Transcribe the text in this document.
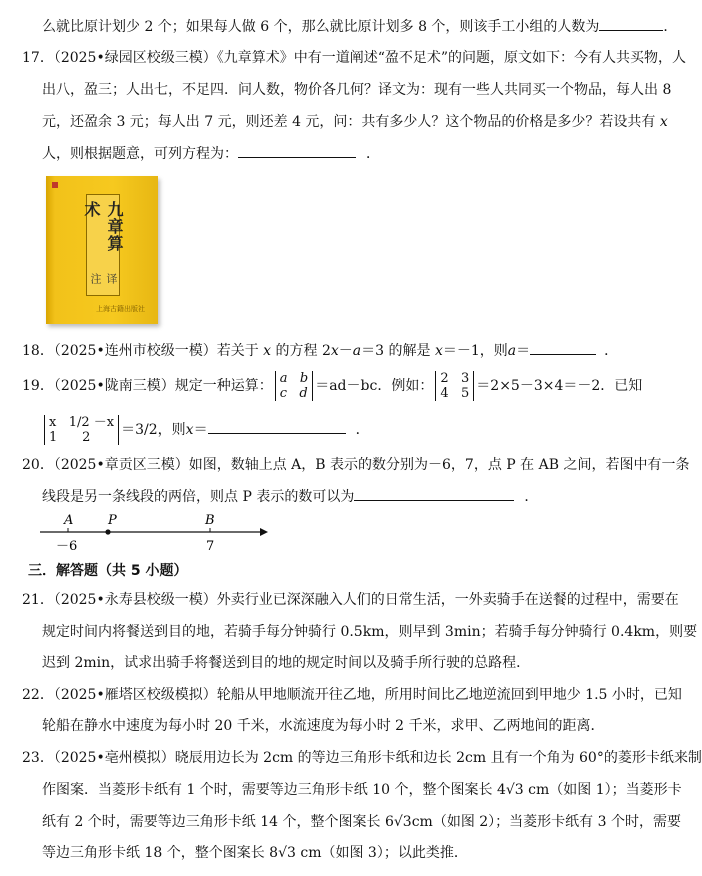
么就比原计划少 2 个；如果每人做 6 个，那么就比原计划多 8 个，则该手工小组的人数为	．
17．（2025•绿园区校级三模）《九章算术》中有一道阐述“盈不足术”的问题，原文如下：今有人共买物，人
出八，盈三；人出七，不足四．问人数，物价各几何？译文为：现有一些人共同买一个物品，每人出 8
元，还盈余 3 元；每人出 7 元，则还差 4 元，问：共有多少人？这个物品的价格是多少？若设共有 x
人，则根据题意，可列方程为：	．
九章算术
译注
上海古籍出版社
18．（2025•连州市校级一模）若关于 x 的方程 2x－a＝3 的解是 x＝－1，则a＝	．
19．（2025•陇南三模）规定一种运算： a   b
c   d ＝ad－bc．例如： 2   3
4   5 ＝2×5－3×4＝－2．已知
x   1/2 －x
1      2	＝3/2，则x＝	．
20．（2025•章贡区三模）如图，数轴上点 A，B 表示的数分别为－6，7，点 P 在 AB 之间，若图中有一条
线段是另一条线段的两倍，则点 P 表示的数可以为	．
A	P	B
－6	7
三．解答题（共 5 小题）
21．（2025•永寿县校级一模）外卖行业已深深融入人们的日常生活，一外卖骑手在送餐的过程中，需要在
规定时间内将餐送到目的地，若骑手每分钟骑行 0.5km，则早到 3min；若骑手每分钟骑行 0.4km，则要
迟到 2min，试求出骑手将餐送到目的地的规定时间以及骑手所行驶的总路程．
22．（2025•雁塔区校级模拟）轮船从甲地顺流开往乙地，所用时间比乙地逆流回到甲地少 1.5 小时，已知
轮船在静水中速度为每小时 20 千米，水流速度为每小时 2 千米，求甲、乙两地间的距离．
23．（2025•亳州模拟）晓辰用边长为 2cm 的等边三角形卡纸和边长 2cm 且有一个角为 60°的菱形卡纸来制
作图案．当菱形卡纸有 1 个时，需要等边三角形卡纸 10 个，整个图案长 4√3 cm（如图 1）；当菱形卡
纸有 2 个时，需要等边三角形卡纸 14 个，整个图案长 6√3cm（如图 2）；当菱形卡纸有 3 个时，需要
等边三角形卡纸 18 个，整个图案长 8√3 cm（如图 3）；以此类推．
